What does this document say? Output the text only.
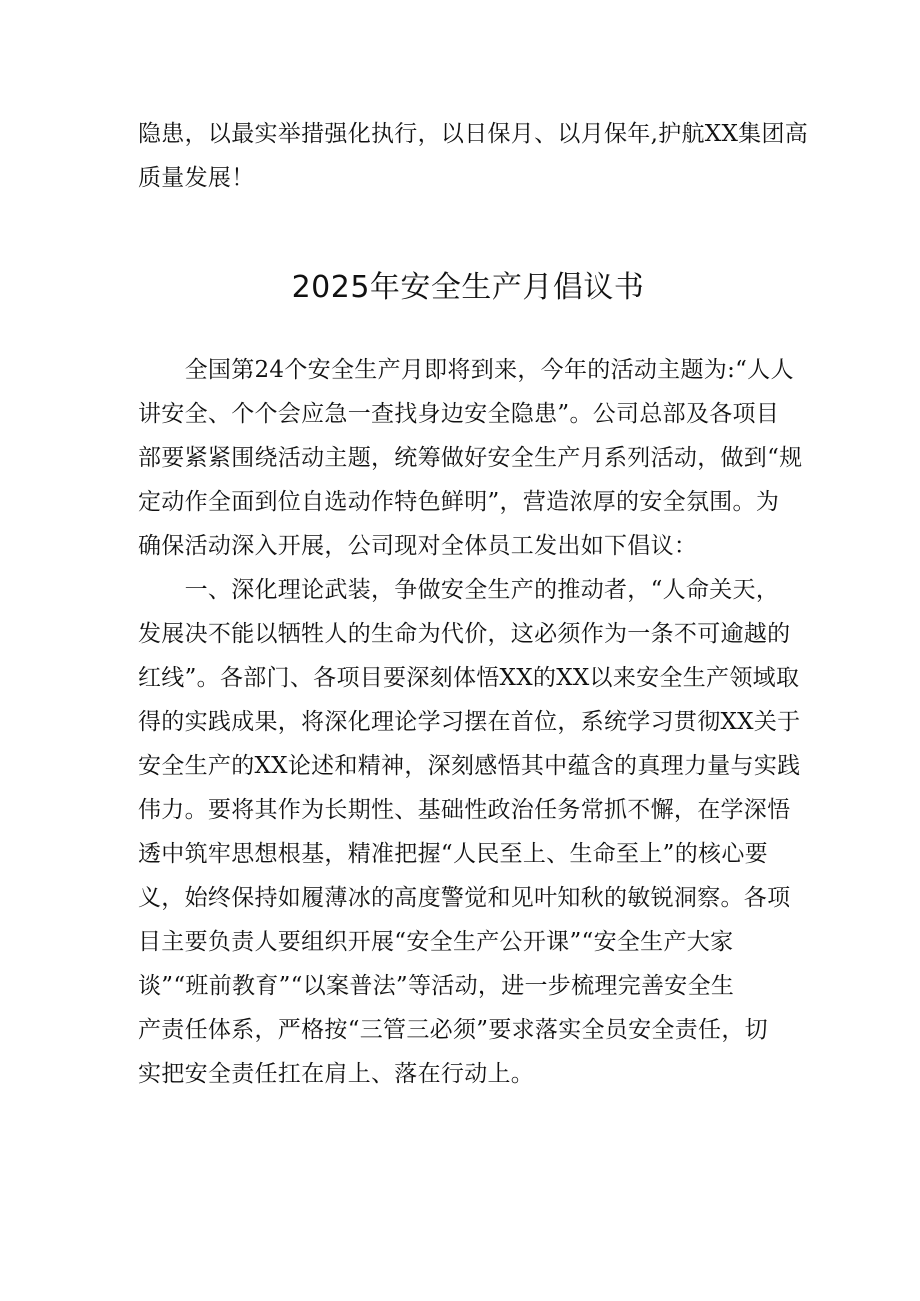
隐患，以最实举措强化执行，以日保月、以月保年,护航XX集团高
质量发展！
2025年安全生产月倡议书
　　全国第24个安全生产月即将到来，今年的活动主题为:“人人
讲安全、个个会应急一查找身边安全隐患”。公司总部及各项目
部要紧紧围绕活动主题，统筹做好安全生产月系列活动，做到“规
定动作全面到位自选动作特色鲜明”，营造浓厚的安全氛围。为
确保活动深入开展，公司现对全体员工发出如下倡议：
　　一、深化理论武装，争做安全生产的推动者，“人命关天，
发展决不能以牺牲人的生命为代价，这必须作为一条不可逾越的
红线”。各部门、各项目要深刻体悟XX的XX以来安全生产领域取
得的实践成果，将深化理论学习摆在首位，系统学习贯彻XX关于
安全生产的XX论述和精神，深刻感悟其中蕴含的真理力量与实践
伟力。要将其作为长期性、基础性政治任务常抓不懈，在学深悟
透中筑牢思想根基，精准把握“人民至上、生命至上”的核心要
义，始终保持如履薄冰的高度警觉和见叶知秋的敏锐洞察。各项
目主要负责人要组织开展“安全生产公开课”“安全生产大家
谈”“班前教育”“以案普法”等活动，进一步梳理完善安全生
产责任体系，严格按“三管三必须”要求落实全员安全责任，切
实把安全责任扛在肩上、落在行动上。
